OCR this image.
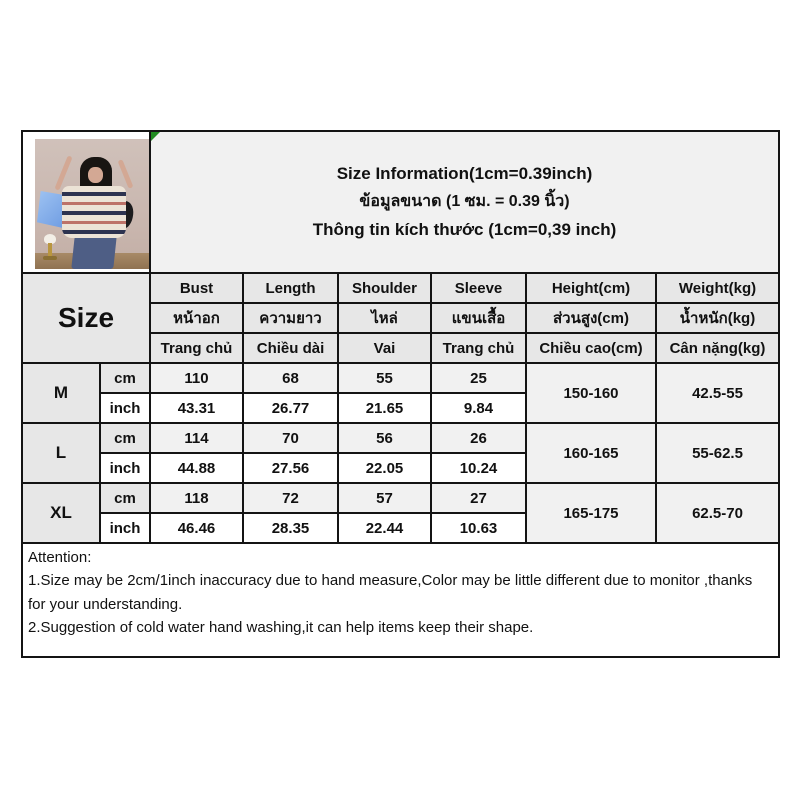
		Size Information(1cm=0.39inch)
ข้อมูลขนาด (1 ซม. = 0.39 นิ้ว)
Thông tin kích thước (1cm=0,39 inch)					

Size		Bust	Length	Shoulder	Sleeve	Height(cm)	Weight(kg)
		หน้าอก	ความยาว	ไหล่	แขนเสื้อ	ส่วนสูง(cm)	น้ำหนัก(kg)
		Trang chủ	Chiều dài	Vai	Trang chủ	Chiều cao(cm)	Cân nặng(kg)
M	cm	110	68	55	25	150-160	42.5-55
	inch	43.31	26.77	21.65	9.84		
L	cm	114	70	56	26	160-165	55-62.5
	inch	44.88	27.56	22.05	10.24		
XL	cm	118	72	57	27	165-175	62.5-70
	inch	46.46	28.35	22.44	10.63		

Attention:
1.Size may be 2cm/1inch inaccuracy due to hand measure,Color may be little different due to monitor ,thanks for your understanding.
2.Suggestion of cold water hand washing,it can help items keep their shape.							
